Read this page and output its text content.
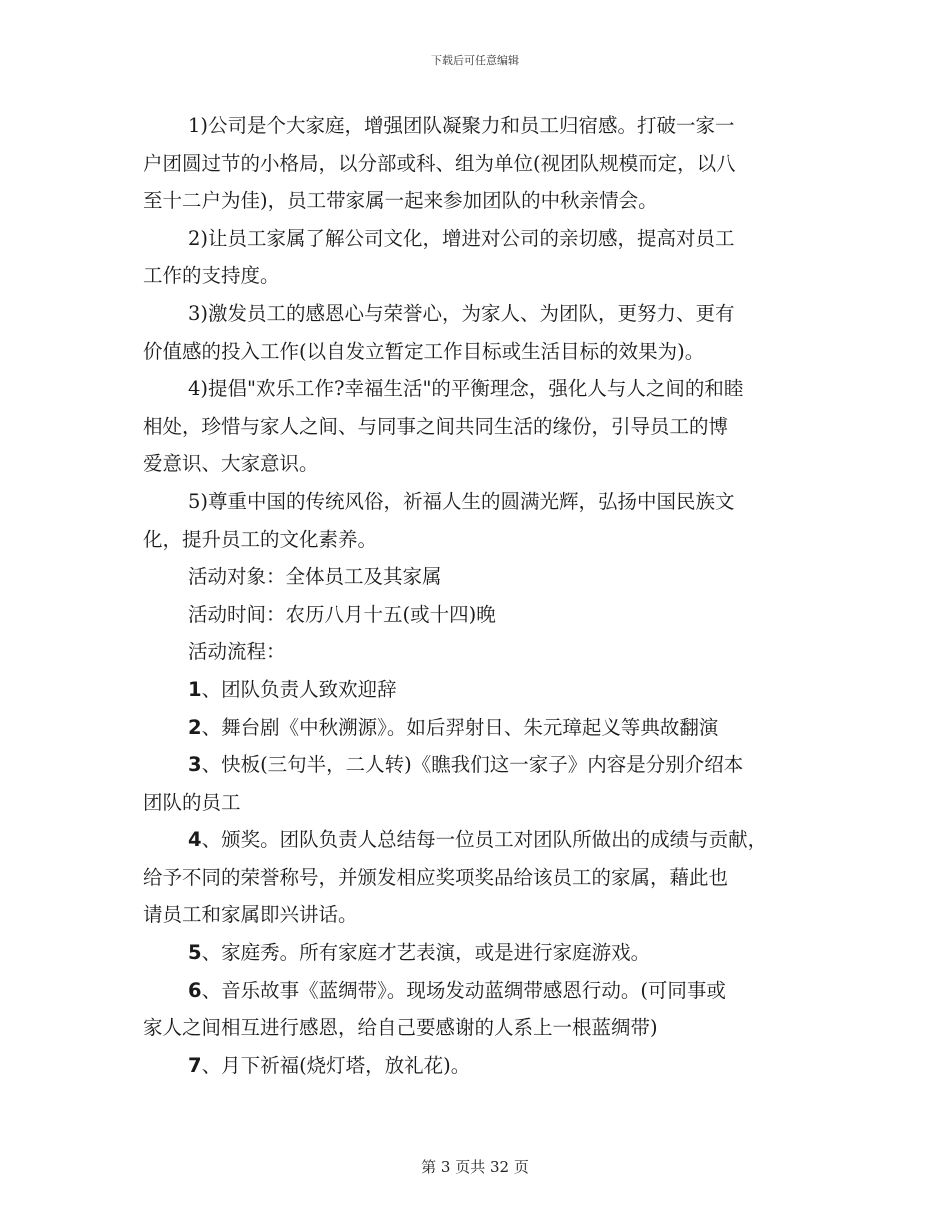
下载后可任意编辑

1)公司是个大家庭，增强团队凝聚力和员工归宿感。打破一家一
户团圆过节的小格局，以分部或科、组为单位(视团队规模而定，以八
至十二户为佳)，员工带家属一起来参加团队的中秋亲情会。

2)让员工家属了解公司文化，增进对公司的亲切感，提高对员工
工作的支持度。

3)激发员工的感恩心与荣誉心，为家人、为团队，更努力、更有
价值感的投入工作(以自发立暂定工作目标或生活目标的效果为)。

4)提倡"欢乐工作?幸福生活"的平衡理念，强化人与人之间的和睦
相处，珍惜与家人之间、与同事之间共同生活的缘份，引导员工的博
爱意识、大家意识。

5)尊重中国的传统风俗，祈福人生的圆满光辉，弘扬中国民族文
化，提升员工的文化素养。

活动对象：全体员工及其家属

活动时间：农历八月十五(或十四)晚

活动流程：

1、团队负责人致欢迎辞

2、舞台剧《中秋溯源》。如后羿射日、朱元璋起义等典故翻演

3、快板(三句半，二人转)《瞧我们这一家子》内容是分别介绍本
团队的员工

4、颁奖。团队负责人总结每一位员工对团队所做出的成绩与贡献，
给予不同的荣誉称号，并颁发相应奖项奖品给该员工的家属，藉此也
请员工和家属即兴讲话。

5、家庭秀。所有家庭才艺表演，或是进行家庭游戏。

6、音乐故事《蓝绸带》。现场发动蓝绸带感恩行动。(可同事或
家人之间相互进行感恩，给自己要感谢的人系上一根蓝绸带)

7、月下祈福(烧灯塔，放礼花)。

第 3 页共 32 页
